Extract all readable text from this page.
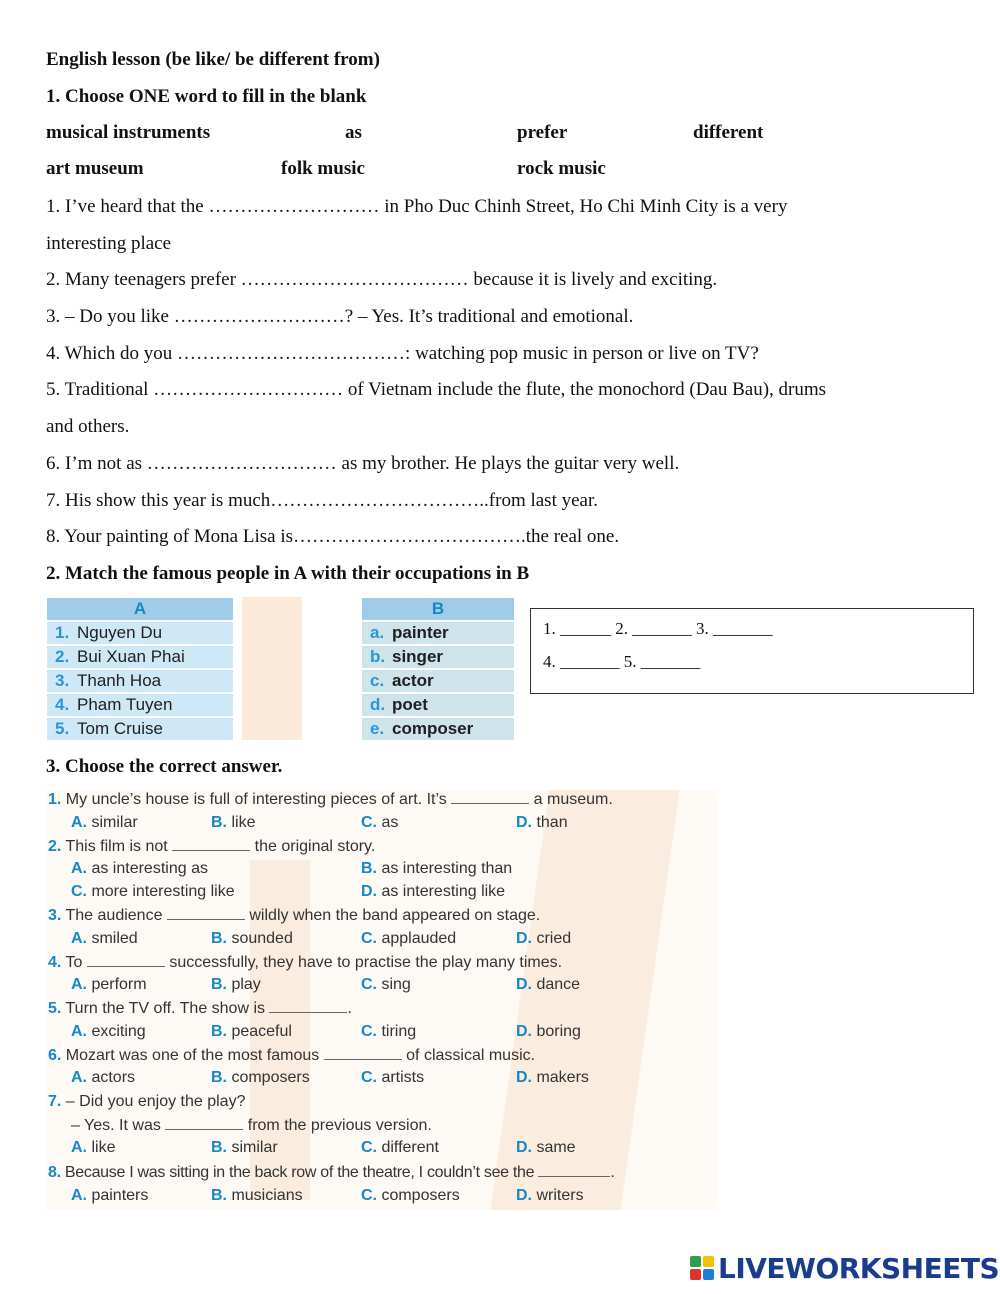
English lesson (be like/ be different from)
1. Choose ONE word to fill in the blank
musical instruments	as	prefer	different
art museum	folk music	rock music
1. I’ve heard that the ……………………… in Pho Duc Chinh Street, Ho Chi Minh City is a very
interesting place
2. Many teenagers prefer ……………………………… because it is lively and exciting.
3. – Do you like ………………………? – Yes. It’s traditional and emotional.
4. Which do you ………………………………: watching pop music in person or live on TV?
5. Traditional ………………………… of Vietnam include the flute, the monochord (Dau Bau), drums
and others.
6. I’m not as ………………………… as my brother. He plays the guitar very well.
7. His show this year is much……………………………..from last year.
8. Your painting of Mona Lisa is……………………………….the real one.
2. Match the famous people in A with their occupations in B
A
1. Nguyen Du
2. Bui Xuan Phai
3. Thanh Hoa
4. Pham Tuyen
5. Tom Cruise
B
a. painter
b. singer
c. actor
d. poet
e. composer
1. ______ 2. _______ 3. _______
4. _______ 5. _______
3. Choose the correct answer.
1. My uncle’s house is full of interesting pieces of art. It’s	a museum.
A. similar	B. like	C. as	D. than
2. This film is not	the original story.
A. as interesting as	B. as interesting than
C. more interesting like	D. as interesting like
3. The audience	wildly when the band appeared on stage.
A. smiled	B. sounded	C. applauded	D. cried
4. To	successfully, they have to practise the play many times.
A. perform	B. play	C. sing	D. dance
5. Turn the TV off. The show is	.
A. exciting	B. peaceful	C. tiring	D. boring
6. Mozart was one of the most famous	of classical music.
A. actors	B. composers	C. artists	D. makers
7. – Did you enjoy the play?
– Yes. It was	from the previous version.
A. like	B. similar	C. different	D. same
8. Because I was sitting in the back row of the theatre, I couldn’t see the	.
A. painters	B. musicians	C. composers	D. writers
LIVEWORKSHEETS
